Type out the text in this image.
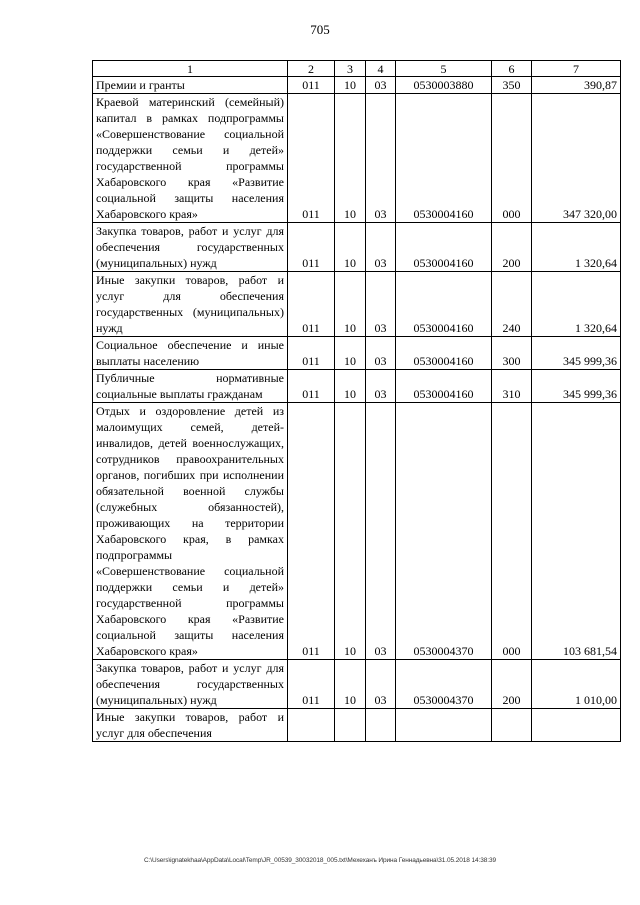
705
1	2	3	4	5	6	7
Премии и гранты	011	10	03	0530003880	350	390,87
Краевой материнский (семейный) капитал в рамках подпрограммы «Совершенствование социальной поддержки семьи и детей» государственной программы Хабаровского края «Развитие социальной защиты населения Хабаровского края»	011	10	03	0530004160	000	347 320,00
Закупка товаров, работ и услуг для обеспечения государственных (муниципальных) нужд	011	10	03	0530004160	200	1 320,64
Иные закупки товаров, работ и услуг для обеспечения государственных (муниципальных) нужд	011	10	03	0530004160	240	1 320,64
Социальное обеспечение и иные выплаты населению	011	10	03	0530004160	300	345 999,36
Публичные нормативные социальные выплаты гражданам	011	10	03	0530004160	310	345 999,36
Отдых и оздоровление детей из малоимущих семей, детей-инвалидов, детей военнослужащих, сотрудников правоохранительных органов, погибших при исполнении обязательной военной службы (служебных обязанностей), проживающих на территории Хабаровского края, в рамках подпрограммы «Совершенствование социальной поддержки семьи и детей» государственной программы Хабаровского края «Развитие социальной защиты населения Хабаровского края»	011	10	03	0530004370	000	103 681,54
Закупка товаров, работ и услуг для обеспечения государственных (муниципальных) нужд	011	10	03	0530004370	200	1 010,00
Иные закупки товаров, работ и услуг для обеспечения						
C:\Users\ignatekhaa\AppData\Local\Temp\JR_00539_30032018_005.txt\Мехеханъ Ирина Геннадьевна\31.05.2018 14:38:39
